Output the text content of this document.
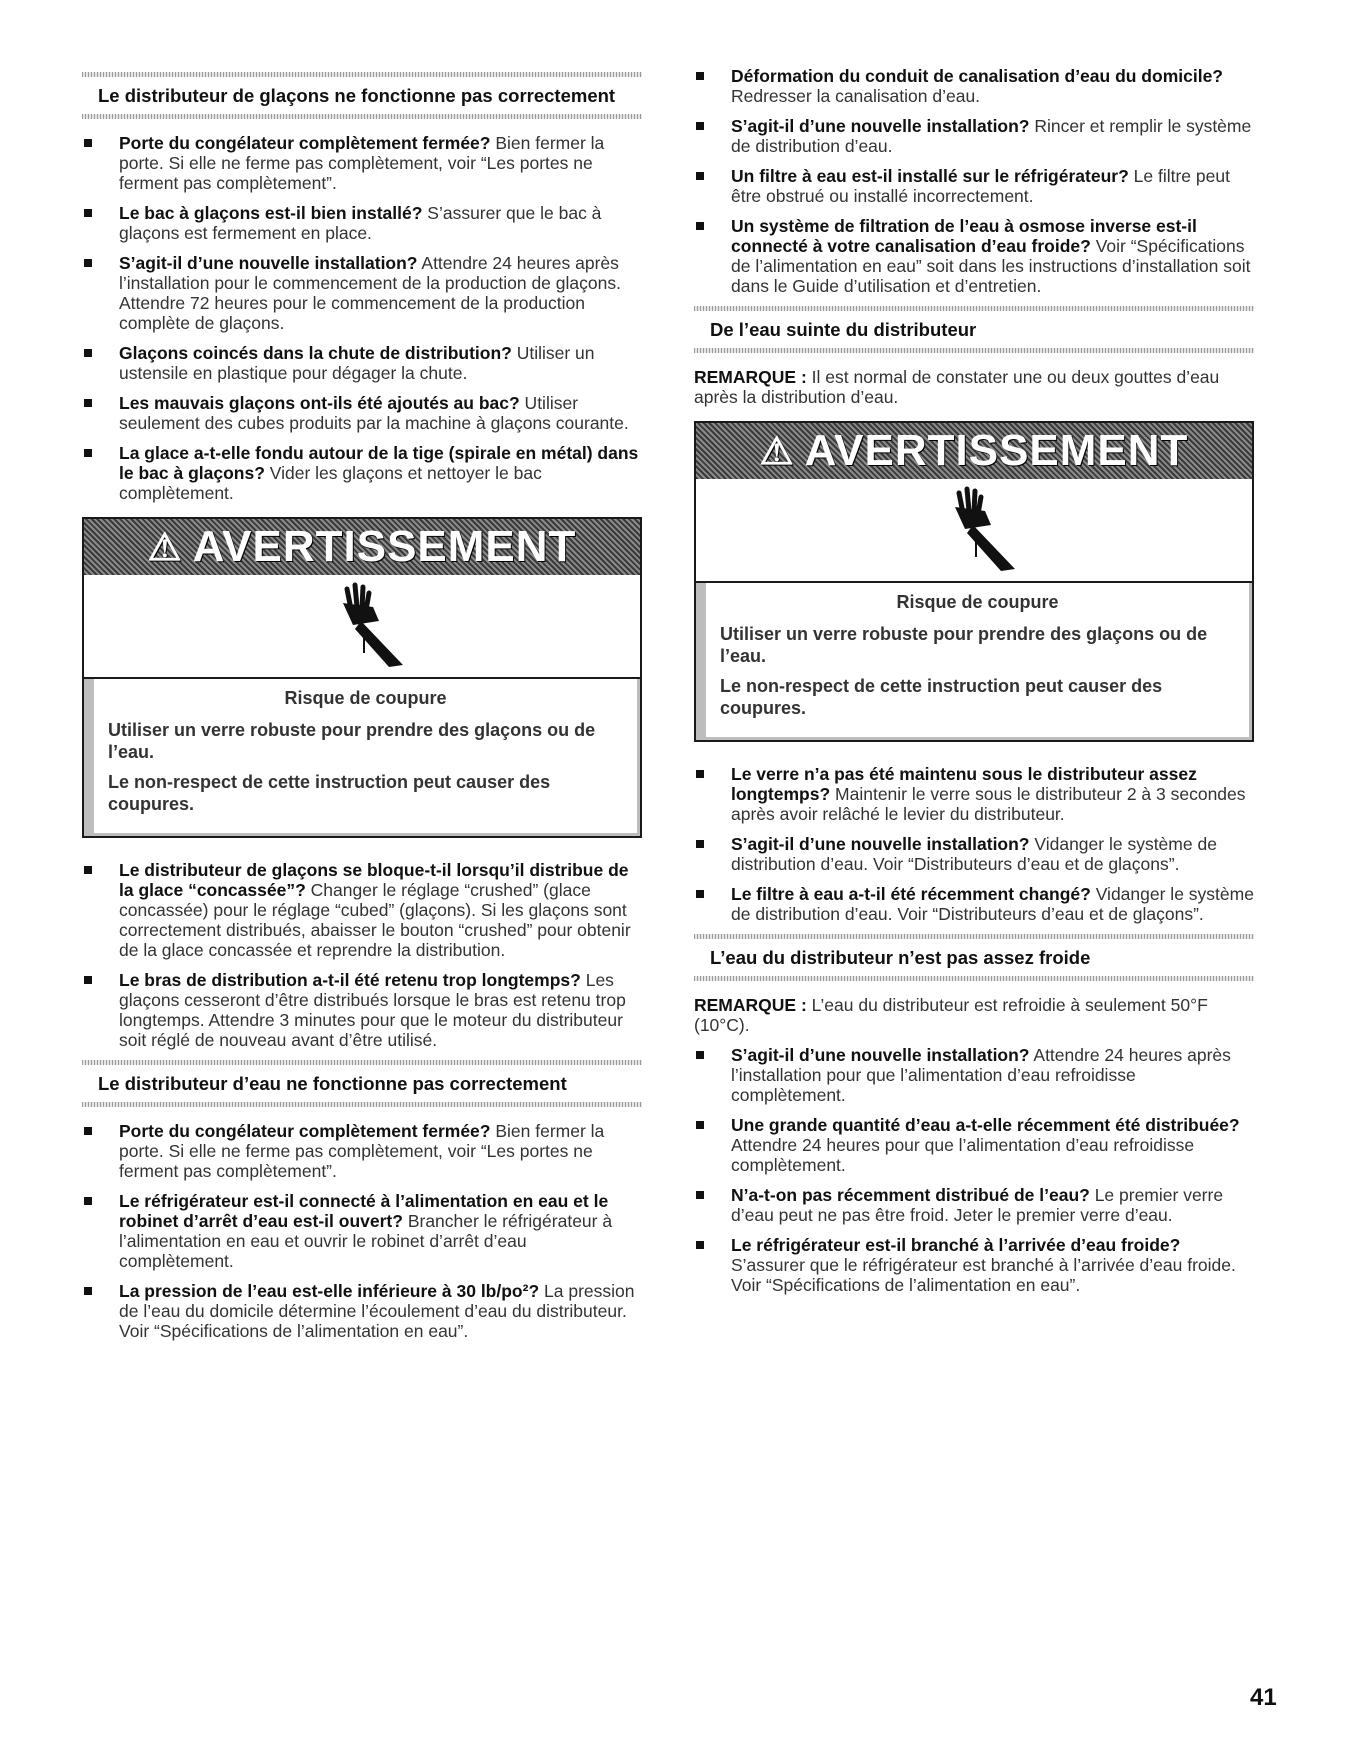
Le distributeur de glaçons ne fonctionne pas correctement
Porte du congélateur complètement fermée? Bien fermer la porte. Si elle ne ferme pas complètement, voir “Les portes ne ferment pas complètement”.
Le bac à glaçons est-il bien installé? S’assurer que le bac à glaçons est fermement en place.
S’agit-il d’une nouvelle installation? Attendre 24 heures après l’installation pour le commencement de la production de glaçons. Attendre 72 heures pour le commencement de la production complète de glaçons.
Glaçons coincés dans la chute de distribution? Utiliser un ustensile en plastique pour dégager la chute.
Les mauvais glaçons ont-ils été ajoutés au bac? Utiliser seulement des cubes produits par la machine à glaçons courante.
La glace a-t-elle fondu autour de la tige (spirale en métal) dans le bac à glaçons? Vider les glaçons et nettoyer le bac complètement.
⚠ AVERTISSEMENT
Risque de coupure
Utiliser un verre robuste pour prendre des glaçons ou de l’eau.
Le non-respect de cette instruction peut causer des coupures.
Le distributeur de glaçons se bloque-t-il lorsqu’il distribue de la glace “concassée”? Changer le réglage “crushed” (glace concassée) pour le réglage “cubed” (glaçons). Si les glaçons sont correctement distribués, abaisser le bouton “crushed” pour obtenir de la glace concassée et reprendre la distribution.
Le bras de distribution a-t-il été retenu trop longtemps? Les glaçons cesseront d’être distribués lorsque le bras est retenu trop longtemps. Attendre 3 minutes pour que le moteur du distributeur soit réglé de nouveau avant d’être utilisé.
Le distributeur d’eau ne fonctionne pas correctement
Porte du congélateur complètement fermée? Bien fermer la porte. Si elle ne ferme pas complètement, voir “Les portes ne ferment pas complètement”.
Le réfrigérateur est-il connecté à l’alimentation en eau et le robinet d’arrêt d’eau est-il ouvert? Brancher le réfrigérateur à l’alimentation en eau et ouvrir le robinet d’arrêt d’eau complètement.
La pression de l’eau est-elle inférieure à 30 lb/po²? La pression de l’eau du domicile détermine l’écoulement d’eau du distributeur. Voir “Spécifications de l’alimentation en eau”.
Déformation du conduit de canalisation d’eau du domicile? Redresser la canalisation d’eau.
S’agit-il d’une nouvelle installation? Rincer et remplir le système de distribution d’eau.
Un filtre à eau est-il installé sur le réfrigérateur? Le filtre peut être obstrué ou installé incorrectement.
Un système de filtration de l’eau à osmose inverse est-il connecté à votre canalisation d’eau froide? Voir “Spécifications de l’alimentation en eau” soit dans les instructions d’installation soit dans le Guide d’utilisation et d’entretien.
De l’eau suinte du distributeur

REMARQUE : Il est normal de constater une ou deux gouttes d’eau après la distribution d’eau.

⚠ AVERTISSEMENT
Risque de coupure
Utiliser un verre robuste pour prendre des glaçons ou de l’eau.
Le non-respect de cette instruction peut causer des coupures.
Le verre n’a pas été maintenu sous le distributeur assez longtemps? Maintenir le verre sous le distributeur 2 à 3 secondes après avoir relâché le levier du distributeur.
S’agit-il d’une nouvelle installation? Vidanger le système de distribution d’eau. Voir “Distributeurs d’eau et de glaçons”.
Le filtre à eau a-t-il été récemment changé? Vidanger le système de distribution d’eau. Voir “Distributeurs d’eau et de glaçons”.
L’eau du distributeur n’est pas assez froide

REMARQUE : L’eau du distributeur est refroidie à seulement 50°F (10°C).

S’agit-il d’une nouvelle installation? Attendre 24 heures après l’installation pour que l’alimentation d’eau refroidisse complètement.
Une grande quantité d’eau a-t-elle récemment été distribuée? Attendre 24 heures pour que l’alimentation d’eau refroidisse complètement.
N’a-t-on pas récemment distribué de l’eau? Le premier verre d’eau peut ne pas être froid. Jeter le premier verre d’eau.
Le réfrigérateur est-il branché à l’arrivée d’eau froide? S’assurer que le réfrigérateur est branché à l’arrivée d’eau froide. Voir “Spécifications de l’alimentation en eau”.
41
